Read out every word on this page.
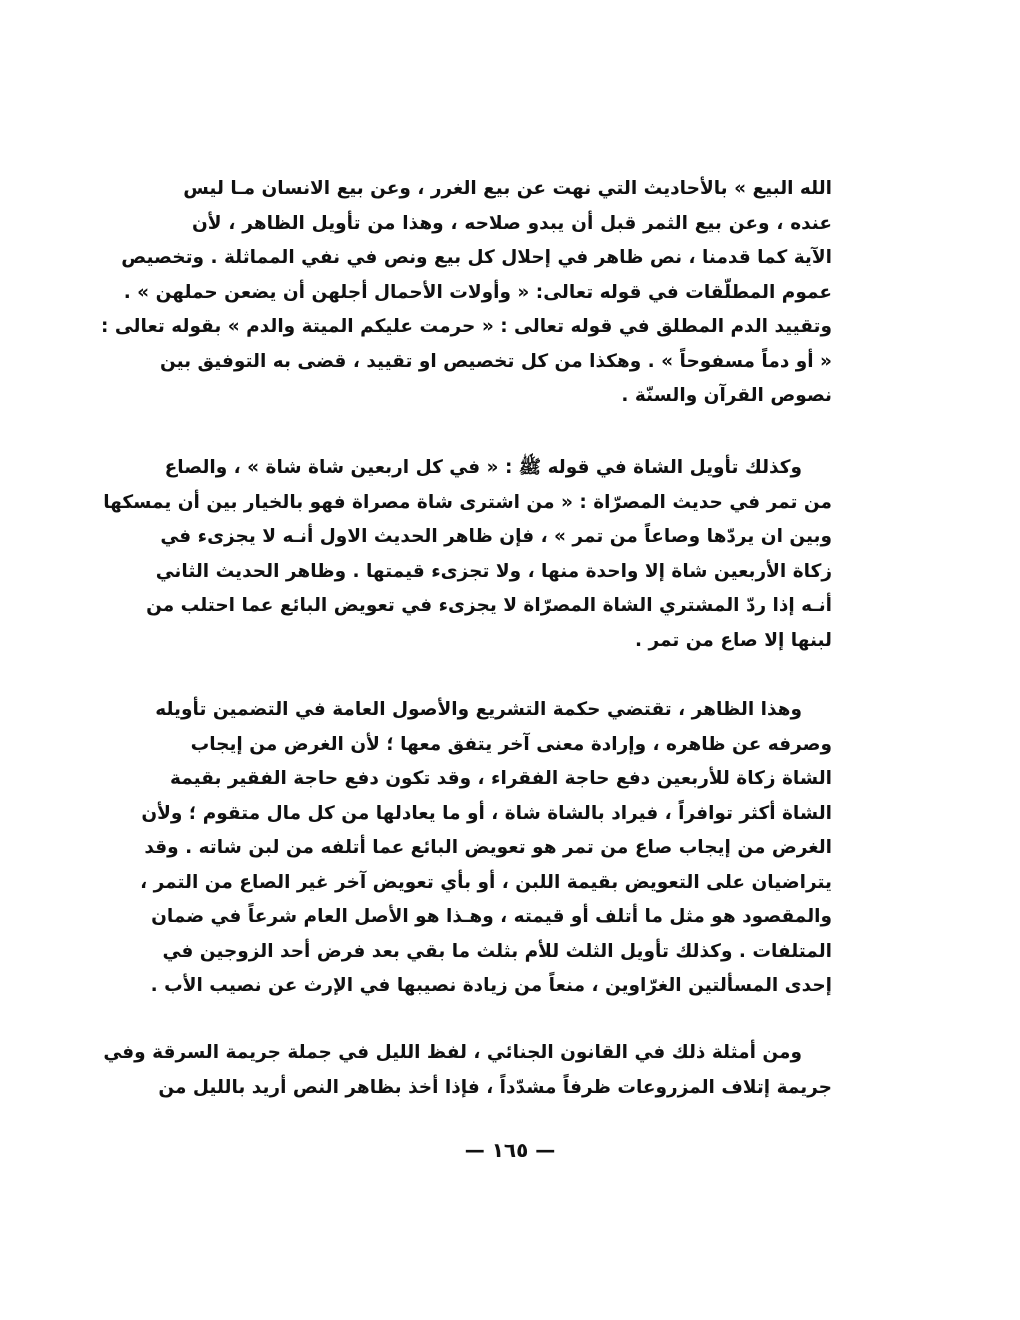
الله البيع » بالأحاديث التي نهت عن بيع الغرر ، وعن بيع الانسان مـا ليس
عنده ، وعن بيع الثمر قبل أن يبدو صلاحه ، وهذا من تأويل الظاهر ، لأن
الآية كما قدمنا ، نص ظاهر في إحلال كل بيع ونص في نفي المماثلة . وتخصيص
عموم المطلّقات في قوله تعالى: « وأولات الأحمال أجلهن أن يضعن حملهن » .
وتقييد الدم المطلق في قوله تعالى : « حرمت عليكم الميتة والدم » بقوله تعالى :
« أو دماً مسفوحاً » . وهكذا من كل تخصيص او تقييد ، قضى به التوفيق بين
نصوص القرآن والسنّة .
وكذلك تأويل الشاة في قوله ﷺ : « في كل اربعين شاة شاة » ، والصاع
من تمر في حديث المصرّاة : « من اشترى شاة مصراة فهو بالخيار بين أن يمسكها
وبين ان يردّها وصاعاً من تمر » ، فإن ظاهر الحديث الاول أنـه لا يجزىء في
زكاة الأربعين شاة إلا واحدة منها ، ولا تجزىء قيمتها . وظاهر الحديث الثاني
أنـه إذا ردّ المشتري الشاة المصرّاة لا يجزىء في تعويض البائع عما احتلب من
لبنها إلا صاع من تمر .
وهذا الظاهر ، تقتضي حكمة التشريع والأصول العامة في التضمين تأويله
وصرفه عن ظاهره ، وإرادة معنى آخر يتفق معها ؛ لأن الغرض من إيجاب
الشاة زكاة للأربعين دفع حاجة الفقراء ، وقد تكون دفع حاجة الفقير بقيمة
الشاة أكثر توافراً ، فيراد بالشاة شاة ، أو ما يعادلها من كل مال متقوم ؛ ولأن
الغرض من إيجاب صاع من تمر هو تعويض البائع عما أتلفه من لبن شاته . وقد
يتراضيان على التعويض بقيمة اللبن ، أو بأي تعويض آخر غير الصاع من التمر ،
والمقصود هو مثل ما أتلف أو قيمته ، وهـذا هو الأصل العام شرعاً في ضمان
المتلفات . وكذلك تأويل الثلث للأم بثلث ما بقي بعد فرض أحد الزوجين في
إحدى المسألتين الغرّاوين ، منعاً من زيادة نصيبها في الإرث عن نصيب الأب .
ومن أمثلة ذلك في القانون الجنائي ، لفظ الليل في جملة جريمة السرقة وفي
جريمة إتلاف المزروعات ظرفاً مشدّداً ، فإذا أخذ بظاهر النص أريد بالليل من
— ١٦٥ —
